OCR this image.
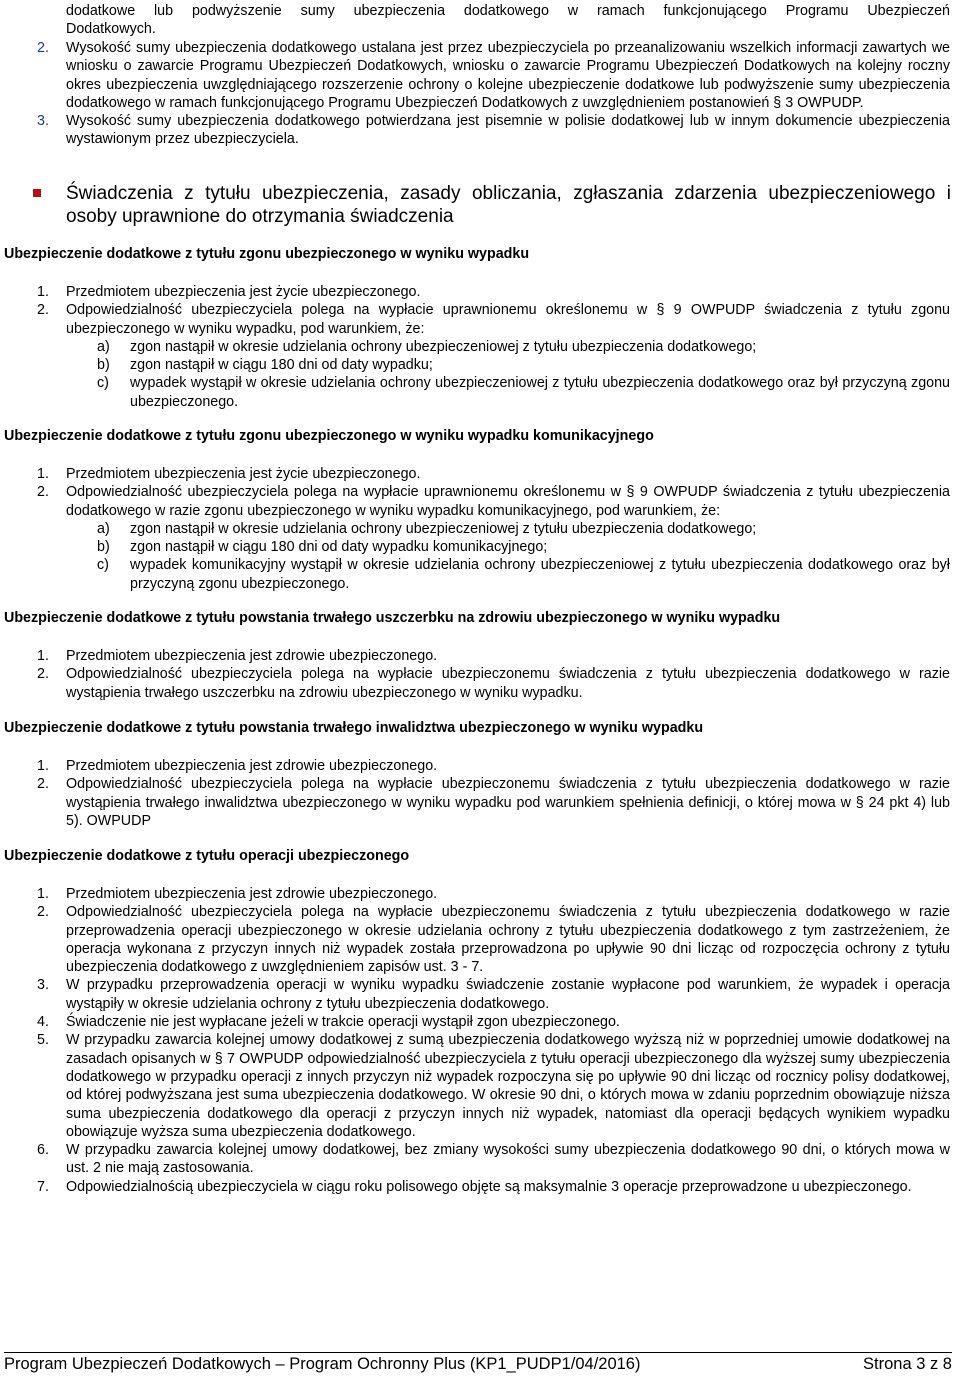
dodatkowe lub podwyższenie sumy ubezpieczenia dodatkowego w ramach funkcjonującego Programu Ubezpieczeń

Dodatkowych.

2. Wysokość sumy ubezpieczenia dodatkowego ustalana jest przez ubezpieczyciela po przeanalizowaniu wszelkich informacji zawartych we wniosku o zawarcie Programu Ubezpieczeń Dodatkowych, wniosku o zawarcie Programu Ubezpieczeń Dodatkowych na kolejny roczny okres ubezpieczenia uwzględniającego rozszerzenie ochrony o kolejne ubezpieczenie dodatkowe lub podwyższenie sumy ubezpieczenia dodatkowego w ramach funkcjonującego Programu Ubezpieczeń Dodatkowych z uwzględnieniem postanowień § 3 OWPUDP.
3. Wysokość sumy ubezpieczenia dodatkowego potwierdzana jest pisemnie w polisie dodatkowej lub w innym dokumencie ubezpieczenia wystawionym przez ubezpieczyciela.
Świadczenia z tytułu ubezpieczenia, zasady obliczania, zgłaszania zdarzenia ubezpieczeniowego i osoby uprawnione do otrzymania świadczenia
Ubezpieczenie dodatkowe z tytułu zgonu ubezpieczonego w wyniku wypadku
1. Przedmiotem ubezpieczenia jest życie ubezpieczonego.
2. Odpowiedzialność ubezpieczyciela polega na wypłacie uprawnionemu określonemu w § 9 OWPUDP świadczenia z tytułu zgonu ubezpieczonego w wyniku wypadku, pod warunkiem, że:
a) zgon nastąpił w okresie udzielania ochrony ubezpieczeniowej z tytułu ubezpieczenia dodatkowego;
b) zgon nastąpił w ciągu 180 dni od daty wypadku;
c) wypadek wystąpił w okresie udzielania ochrony ubezpieczeniowej z tytułu ubezpieczenia dodatkowego oraz był przyczyną zgonu ubezpieczonego.
Ubezpieczenie dodatkowe z tytułu zgonu ubezpieczonego w wyniku wypadku komunikacyjnego
1. Przedmiotem ubezpieczenia jest życie ubezpieczonego.
2. Odpowiedzialność ubezpieczyciela polega na wypłacie uprawnionemu określonemu w § 9 OWPUDP świadczenia z tytułu ubezpieczenia dodatkowego w razie zgonu ubezpieczonego w wyniku wypadku komunikacyjnego, pod warunkiem, że:
a) zgon nastąpił w okresie udzielania ochrony ubezpieczeniowej z tytułu ubezpieczenia dodatkowego;
b) zgon nastąpił w ciągu 180 dni od daty wypadku komunikacyjnego;
c) wypadek komunikacyjny wystąpił w okresie udzielania ochrony ubezpieczeniowej z tytułu ubezpieczenia dodatkowego oraz był przyczyną zgonu ubezpieczonego.
Ubezpieczenie dodatkowe z tytułu powstania trwałego uszczerbku na zdrowiu ubezpieczonego w wyniku wypadku
1. Przedmiotem ubezpieczenia jest zdrowie ubezpieczonego.
2. Odpowiedzialność ubezpieczyciela polega na wypłacie ubezpieczonemu świadczenia z tytułu ubezpieczenia dodatkowego w razie wystąpienia trwałego uszczerbku na zdrowiu ubezpieczonego w wyniku wypadku.
Ubezpieczenie dodatkowe z tytułu powstania trwałego inwalidztwa ubezpieczonego w wyniku wypadku
1. Przedmiotem ubezpieczenia jest zdrowie ubezpieczonego.
2. Odpowiedzialność ubezpieczyciela polega na wypłacie ubezpieczonemu świadczenia z tytułu ubezpieczenia dodatkowego w razie wystąpienia trwałego inwalidztwa ubezpieczonego w wyniku wypadku pod warunkiem spełnienia definicji, o której mowa w § 24 pkt 4) lub 5). OWPUDP
Ubezpieczenie dodatkowe z tytułu operacji ubezpieczonego
1. Przedmiotem ubezpieczenia jest zdrowie ubezpieczonego.
2. Odpowiedzialność ubezpieczyciela polega na wypłacie ubezpieczonemu świadczenia z tytułu ubezpieczenia dodatkowego w razie przeprowadzenia operacji ubezpieczonego w okresie udzielania ochrony z tytułu ubezpieczenia dodatkowego z tym zastrzeżeniem, że operacja wykonana z przyczyn innych niż wypadek została przeprowadzona po upływie 90 dni licząc od rozpoczęcia ochrony z tytułu ubezpieczenia dodatkowego z uwzględnieniem zapisów ust. 3 - 7.
3. W przypadku przeprowadzenia operacji w wyniku wypadku świadczenie zostanie wypłacone pod warunkiem, że wypadek i operacja wystąpiły w okresie udzielania ochrony z tytułu ubezpieczenia dodatkowego.
4. Świadczenie nie jest wypłacane jeżeli w trakcie operacji wystąpił zgon ubezpieczonego.
5. W przypadku zawarcia kolejnej umowy dodatkowej z sumą ubezpieczenia dodatkowego wyższą niż w poprzedniej umowie dodatkowej na zasadach opisanych w § 7 OWPUDP odpowiedzialność ubezpieczyciela z tytułu operacji ubezpieczonego dla wyższej sumy ubezpieczenia dodatkowego w przypadku operacji z innych przyczyn niż wypadek rozpoczyna się po upływie 90 dni licząc od rocznicy polisy dodatkowej, od której podwyższana jest suma ubezpieczenia dodatkowego. W okresie 90 dni, o których mowa w zdaniu poprzednim obowiązuje niższa suma ubezpieczenia dodatkowego dla operacji z przyczyn innych niż wypadek, natomiast dla operacji będących wynikiem wypadku obowiązuje wyższa suma ubezpieczenia dodatkowego.
6. W przypadku zawarcia kolejnej umowy dodatkowej, bez zmiany wysokości sumy ubezpieczenia dodatkowego 90 dni, o których mowa w ust. 2 nie mają zastosowania.
7. Odpowiedzialnością ubezpieczyciela w ciągu roku polisowego objęte są maksymalnie 3 operacje przeprowadzone u ubezpieczonego.
Program Ubezpieczeń Dodatkowych – Program Ochronny Plus (KP1_PUDP1/04/2016)	Strona 3 z 8
